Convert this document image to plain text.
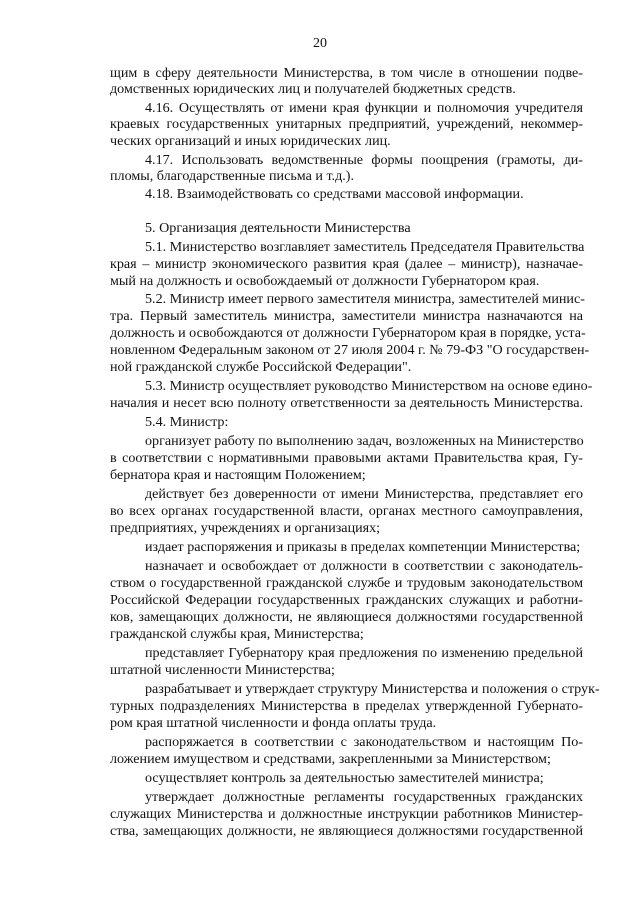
20
щим в сферу деятельности Министерства, в том числе в отношении подве-
домственных юридических лиц и получателей бюджетных средств.
4.16. Осуществлять от имени края функции и полномочия учредителя
краевых государственных унитарных предприятий, учреждений, некоммер-
ческих организаций и иных юридических лиц.
4.17. Использовать ведомственные формы поощрения (грамоты, ди-
пломы, благодарственные письма и т.д.).
4.18. Взаимодействовать со средствами массовой информации.
5. Организация деятельности Министерства
5.1. Министерство возглавляет заместитель Председателя Правительства
края – министр экономического развития края (далее – министр), назначае-
мый на должность и освобождаемый от должности Губернатором края.
5.2. Министр имеет первого заместителя министра, заместителей минис-
тра. Первый заместитель министра, заместители министра назначаются на
должность и освобождаются от должности Губернатором края в порядке, уста-
новленном Федеральным законом от 27 июля 2004 г. № 79-ФЗ "О государствен-
ной гражданской службе Российской Федерации".
5.3. Министр осуществляет руководство Министерством на основе едино-
началия и несет всю полноту ответственности за деятельность Министерства.
5.4. Министр:
организует работу по выполнению задач, возложенных на Министерство
в соответствии с нормативными правовыми актами Правительства края, Гу-
бернатора края и настоящим Положением;
действует без доверенности от имени Министерства, представляет его
во всех органах государственной власти, органах местного самоуправления,
предприятиях, учреждениях и организациях;
издает распоряжения и приказы в пределах компетенции Министерства;
назначает и освобождает от должности в соответствии с законодатель-
ством о государственной гражданской службе и трудовым законодательством
Российской Федерации государственных гражданских служащих и работни-
ков, замещающих должности, не являющиеся должностями государственной
гражданской службы края, Министерства;
представляет Губернатору края предложения по изменению предельной
штатной численности Министерства;
разрабатывает и утверждает структуру Министерства и положения о струк-
турных подразделениях Министерства в пределах утвержденной Губернато-
ром края штатной численности и фонда оплаты труда.
распоряжается в соответствии с законодательством и настоящим По-
ложением имуществом и средствами, закрепленными за Министерством;
осуществляет контроль за деятельностью заместителей министра;
утверждает должностные регламенты государственных гражданских
служащих Министерства и должностные инструкции работников Министер-
ства, замещающих должности, не являющиеся должностями государственной
